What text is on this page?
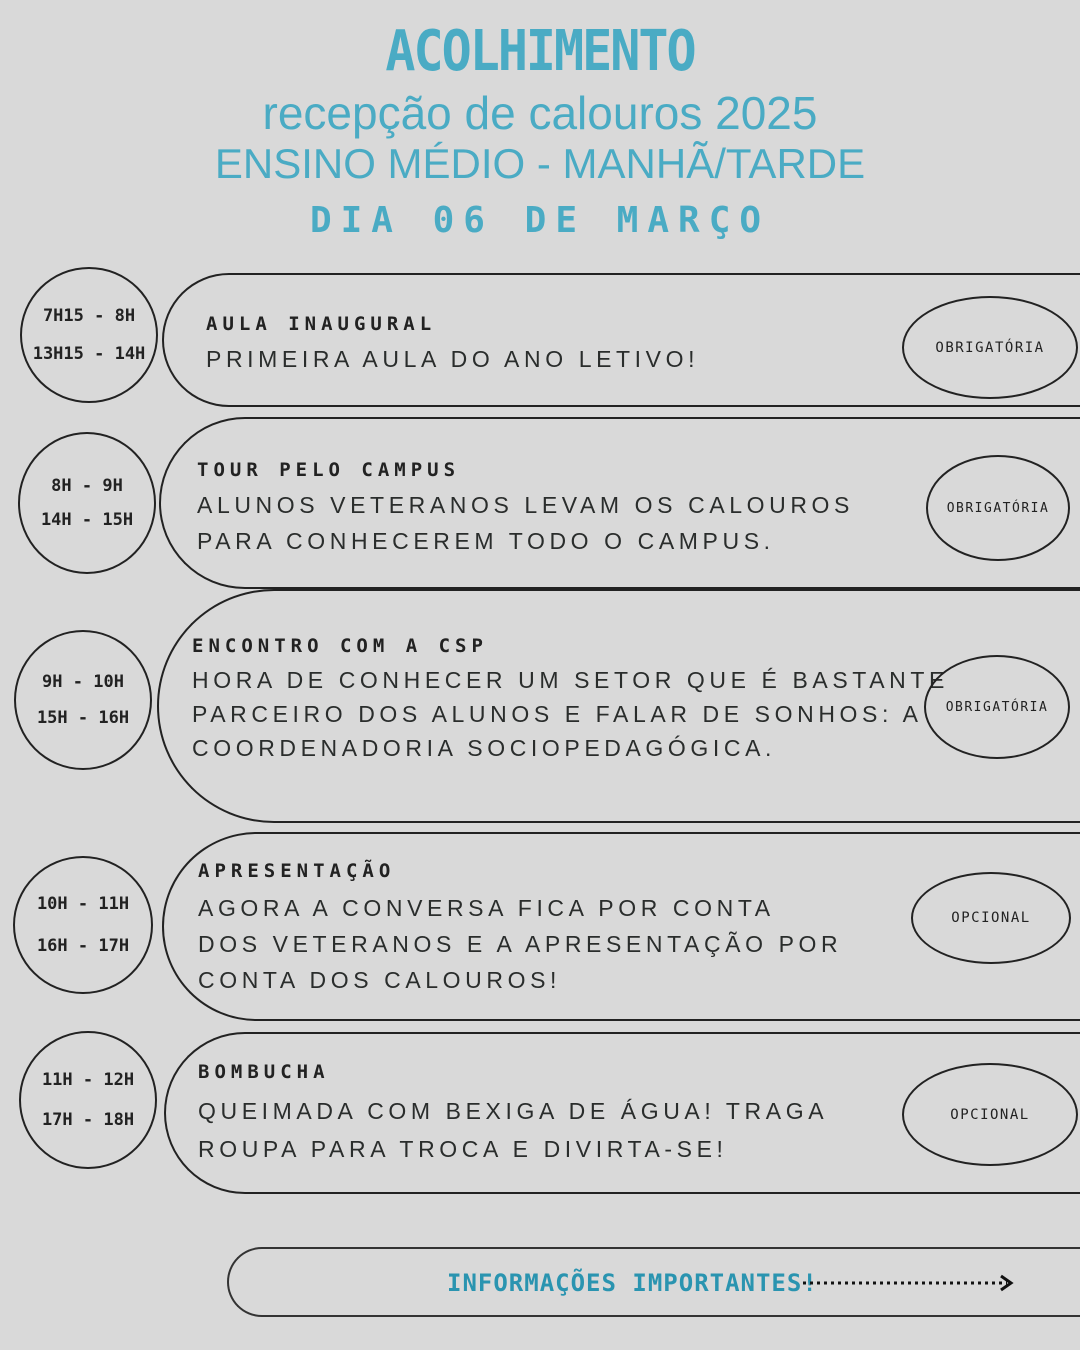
ACOLHIMENTO
recepção de calouros 2025
ENSINO MÉDIO - MANHÃ/TARDE
DIA 06 DE MARÇO
7H15 - 8H
13H15 - 14H
AULA INAUGURAL
PRIMEIRA AULA DO ANO LETIVO!	OBRIGATÓRIA
8H - 9H
14H - 15H
TOUR PELO CAMPUS
ALUNOS VETERANOS LEVAM OS CALOUROS
PARA CONHECEREM TODO O CAMPUS.
OBRIGATÓRIA
9H - 10H
15H - 16H
ENCONTRO COM A CSP
HORA DE CONHECER UM SETOR QUE É BASTANTE
PARCEIRO DOS ALUNOS E FALAR DE SONHOS: A
COORDENADORIA SOCIOPEDAGÓGICA.
OBRIGATÓRIA
10H - 11H
16H - 17H
APRESENTAÇÃO
AGORA A CONVERSA FICA POR CONTA
DOS VETERANOS E A APRESENTAÇÃO POR
CONTA DOS CALOUROS!
OPCIONAL
11H - 12H
17H - 18H
BOMBUCHA
QUEIMADA COM BEXIGA DE ÁGUA! TRAGA
ROUPA PARA TROCA E DIVIRTA-SE!
OPCIONAL
INFORMAÇÕES IMPORTANTES!
